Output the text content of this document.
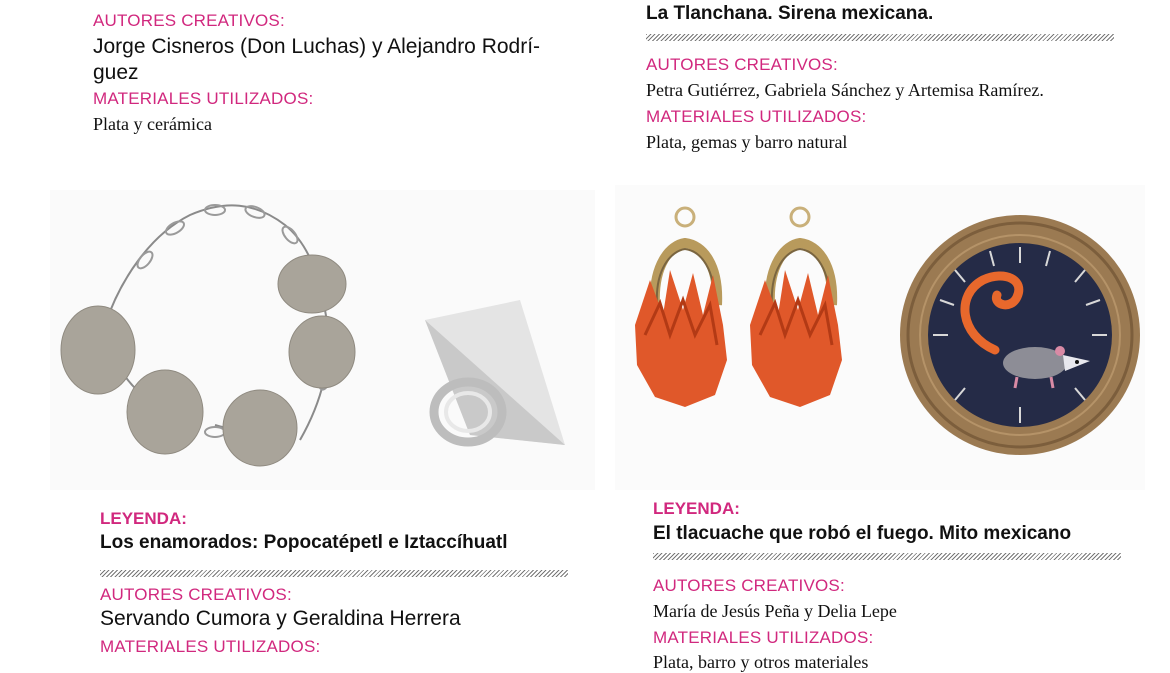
AUTORES CREATIVOS:
Jorge Cisneros (Don Luchas) y Alejandro Rodrí-
guez
MATERIALES UTILIZADOS:
Plata y cerámica
La Tlanchana. Sirena mexicana.
AUTORES CREATIVOS:
Petra Gutiérrez, Gabriela Sánchez y Artemisa Ramírez.
MATERIALES UTILIZADOS:
Plata, gemas y barro natural
LEYENDA:
Los enamorados: Popocatépetl e Iztaccíhuatl
AUTORES CREATIVOS:
Servando Cumora y Geraldina Herrera
MATERIALES UTILIZADOS:
LEYENDA:
El tlacuache que robó el fuego. Mito mexicano
AUTORES CREATIVOS:
María de Jesús Peña y Delia Lepe
MATERIALES UTILIZADOS:
Plata, barro y otros materiales
